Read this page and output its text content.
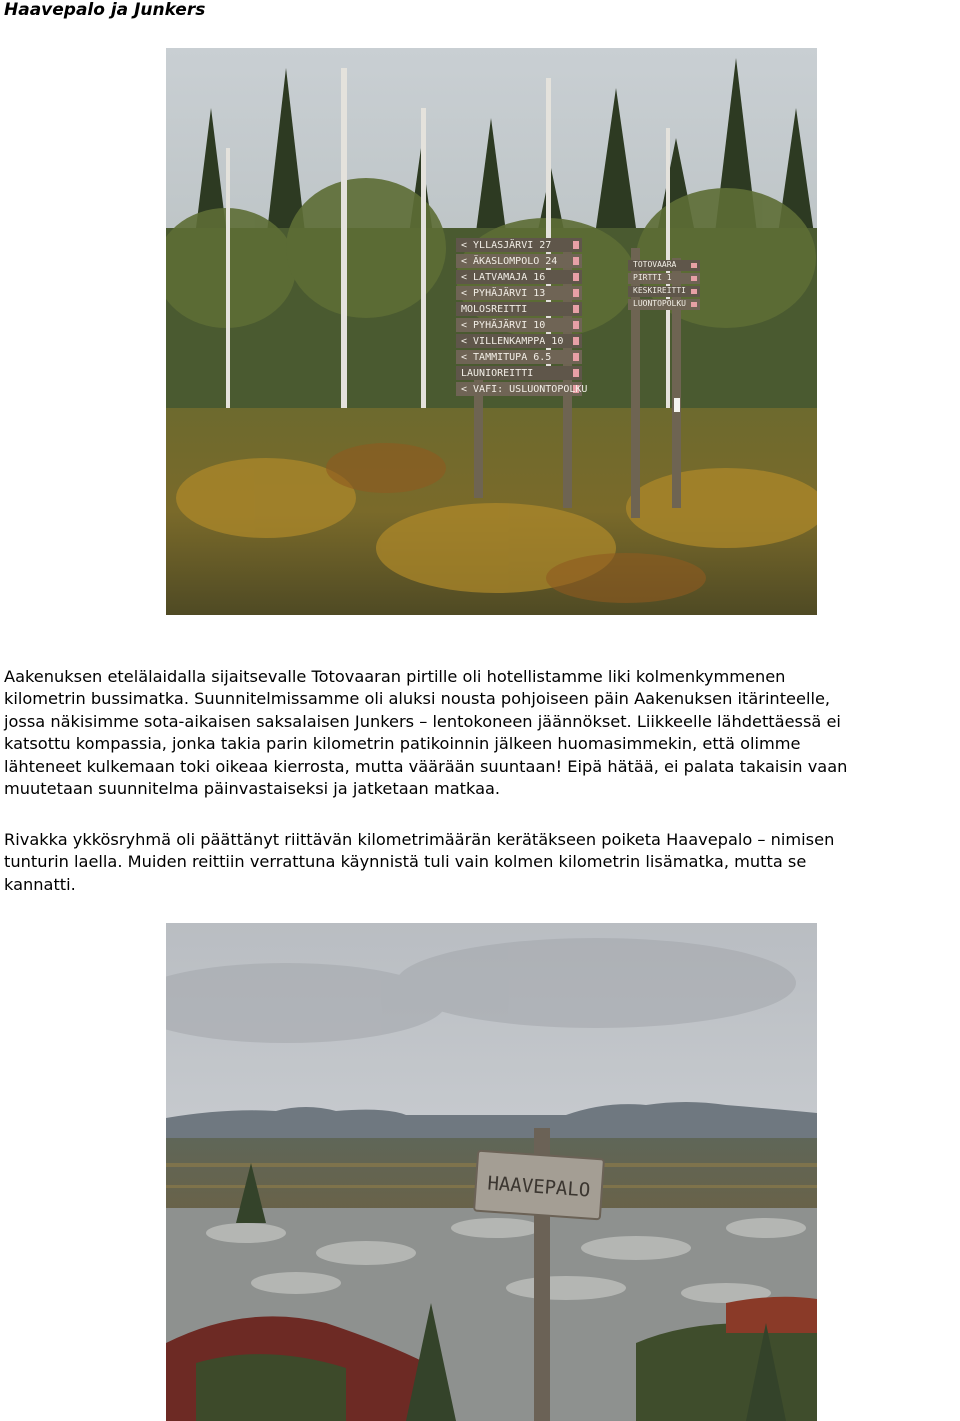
Haavepalo ja Junkers
< YLLASJÄRVI 27
< ÄKASLOMPOLO 24
< LATVAMAJA 16
< PYHÄJÄRVI 13
MOLOSREITTI
< PYHÄJÄRVI 10
< VILLENKAMPPA 10
< TAMMITUPA 6.5
LAUNIOREITTI
< VAFI: USLUONTOPOLKU
TOTOVAARA
PIRTTI 1
KESKIREITTI
LUONTOPOLKU

Aakenuksen etelälaidalla sijaitsevalle Totovaaran pirtille oli hotellistamme liki kolmenkymmenen
kilometrin bussimatka. Suunnitelmissamme oli aluksi nousta pohjoiseen päin Aakenuksen itärinteelle,
jossa näkisimme sota-aikaisen saksalaisen Junkers – lentokoneen jäännökset. Liikkeelle lähdettäessä ei
katsottu kompassia, jonka takia parin kilometrin patikoinnin jälkeen huomasimmekin, että olimme
lähteneet kulkemaan toki oikeaa kierrosta, mutta väärään suuntaan! Eipä hätää, ei palata takaisin vaan
muutetaan suunnitelma päinvastaiseksi ja jatketaan matkaa.

Rivakka ykkösryhmä oli päättänyt riittävän kilometrimäärän kerätäkseen poiketa Haavepalo – nimisen
tunturin laella. Muiden reittiin verrattuna käynnistä tuli vain kolmen kilometrin lisämatka, mutta se
kannatti.

HAAVEPALO
